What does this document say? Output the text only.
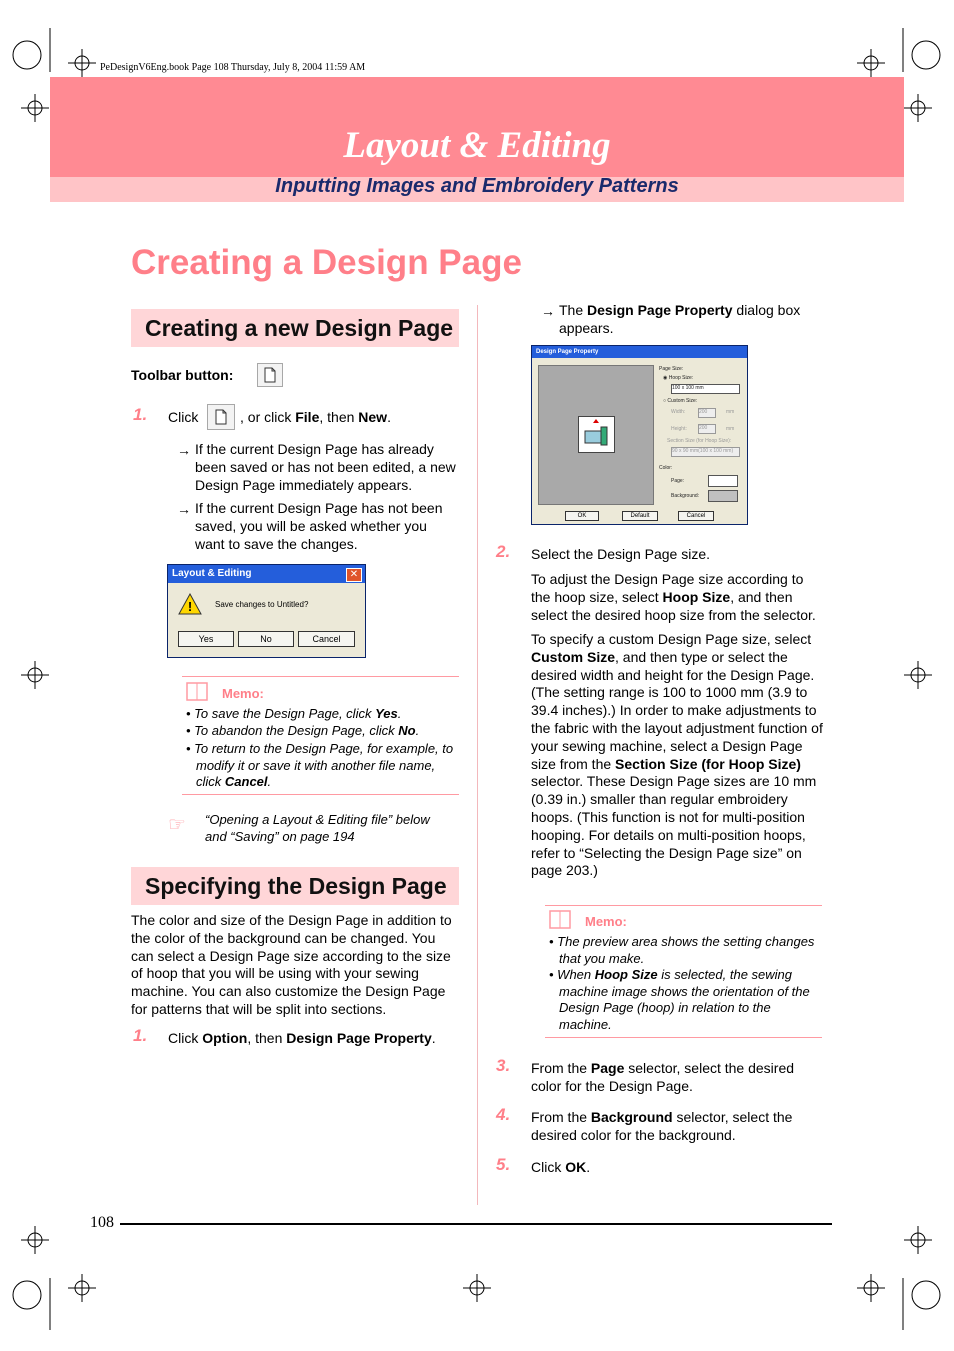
PeDesignV6Eng.book Page 108 Thursday, July 8, 2004 11:59 AM
Layout & Editing
Inputting Images and Embroidery Patterns
Creating a Design Page
Creating a new Design Page
Toolbar button:
1. Click	, or click File, then New.
→ If the current Design Page has already been saved or has not been edited, a new Design Page immediately appears.
→ If the current Design Page has not been saved, you will be asked whether you want to save the changes.
Layout & Editing	✕
!	Save changes to Untitled?
Yes	No	Cancel
Memo:
• To save the Design Page, click Yes.
• To abandon the Design Page, click No.
• To return to the Design Page, for example, to modify it or save it with another file name, click Cancel.
☞ “Opening a Layout & Editing file” below and “Saving” on page 194
Specifying the Design Page
The color and size of the Design Page in addition to the color of the background can be changed. You can select a Design Page size according to the size of hoop that you will be using with your sewing machine. You can also customize the Design Page for patterns that will be split into sections.
1. Click Option, then Design Page Property.
→ The Design Page Property dialog box appears.
Design Page Property
Page Size:
◉ Hoop Size:
100 x 100 mm
○ Custom Size:
Width:	200	mm
Height: 200	mm
Section Size (for Hoop Size):
90 x 90 mm(100 x 100 mm)
Color:
Page:
Background:
OK	Default	Cancel
2. Select the Design Page size.
To adjust the Design Page size according to the hoop size, select Hoop Size, and then select the desired hoop size from the selector.
To specify a custom Design Page size, select Custom Size, and then type or select the desired width and height for the Design Page. (The setting range is 100 to 1000 mm (3.9 to 39.4 inches).) In order to make adjustments to the fabric with the layout adjustment function of your sewing machine, select a Design Page size from the Section Size (for Hoop Size) selector. These Design Page sizes are 10 mm (0.39 in.) smaller than regular embroidery hoops. (This function is not for multi-position hooping. For details on multi-position hoops, refer to “Selecting the Design Page size” on page 203.)
Memo:
• The preview area shows the setting changes that you make.
• When Hoop Size is selected, the sewing machine image shows the orientation of the Design Page (hoop) in relation to the machine.
3. From the Page selector, select the desired color for the Design Page.
4. From the Background selector, select the desired color for the background.
5. Click OK.
108
